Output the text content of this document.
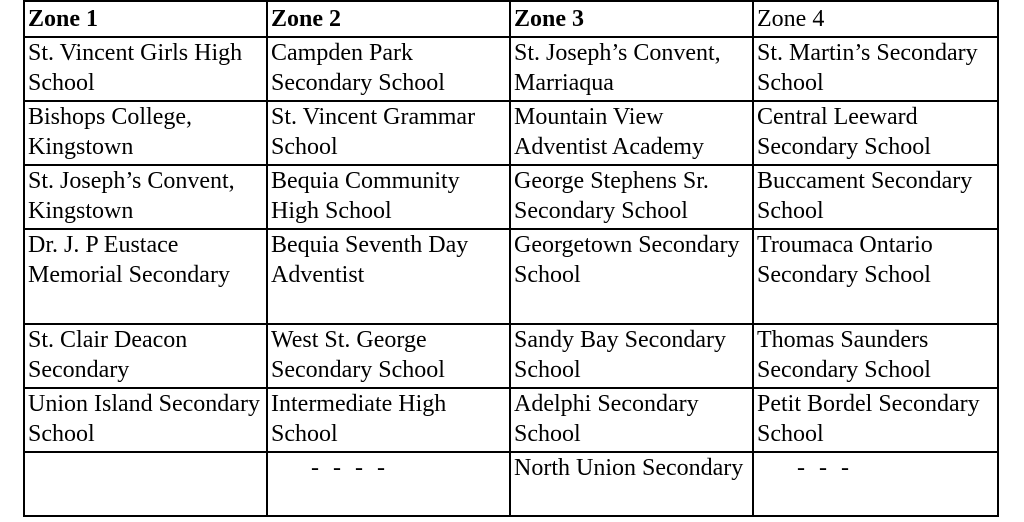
Zone 1	Zone 2	Zone 3	Zone 4
St. Vincent Girls High School	Campden Park Secondary School	St. Joseph’s Convent, Marriaqua	St. Martin’s Secondary School
Bishops College, Kingstown	St. Vincent Grammar School	Mountain View Adventist Academy	Central Leeward Secondary School
St. Joseph’s Convent, Kingstown	Bequia Community High School	George Stephens Sr. Secondary School	Buccament Secondary School
Dr. J. P Eustace Memorial Secondary	Bequia Seventh Day Adventist	Georgetown Secondary School	Troumaca Ontario Secondary School
St. Clair Deacon Secondary	West St. George Secondary School	Sandy Bay Secondary School	Thomas Saunders Secondary School
Union Island Secondary School	Intermediate High School	Adelphi Secondary School	Petit Bordel Secondary School
	- - - -	North Union Secondary	- - -
